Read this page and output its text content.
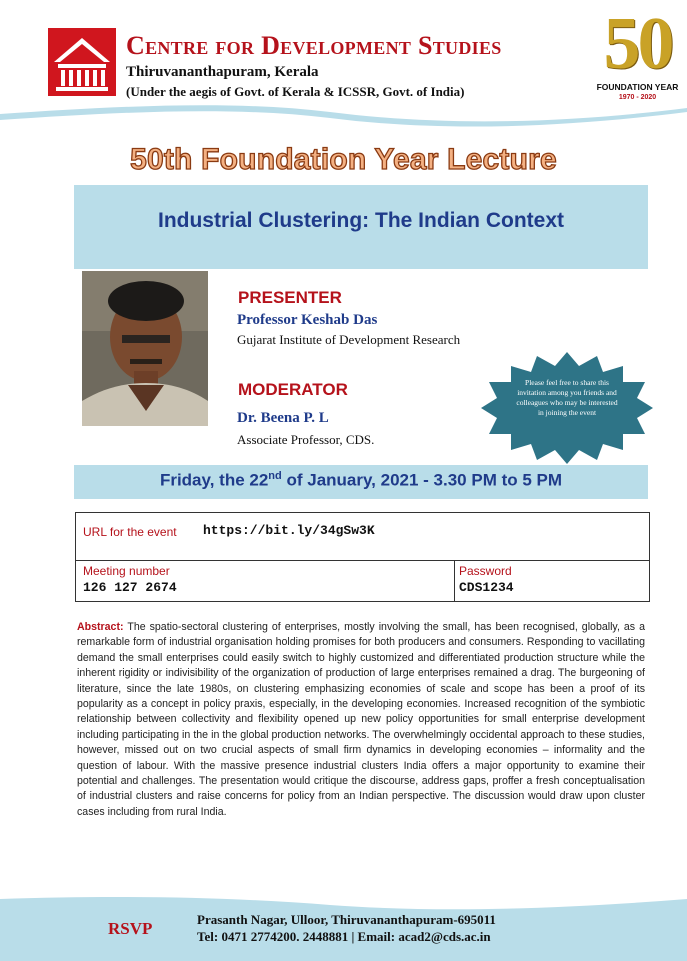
Centre for Development Studies
Thiruvananthapuram, Kerala
(Under the aegis of Govt. of Kerala & ICSSR, Govt. of India)
50
FOUNDATION YEAR
1970 - 2020
50th Foundation Year Lecture
Industrial Clustering: The Indian Context
PRESENTER
Professor Keshab Das
Gujarat Institute of Development Research
MODERATOR
Dr. Beena P. L
Associate Professor, CDS.
Please feel free to share this invitation among you friends and colleagues who may be interested in joining the event
Friday, the 22nd of January, 2021 - 3.30 PM to 5 PM
URL for the event https://bit.ly/34gSw3K
Meeting number
126 127 2674
Password
CDS1234
Abstract: The spatio-sectoral clustering of enterprises, mostly involving the small, has been recognised, globally, as a remarkable form of industrial organisation holding promises for both producers and consumers. Responding to vacillating demand the small enterprises could easily switch to highly customized and differentiated production structure while the inherent rigidity or indivisibility of the organization of production of large enterprises remained a drag. The burgeoning of literature, since the late 1980s, on clustering emphasizing economies of scale and scope has been a proof of its popularity as a concept in policy praxis, especially, in the developing economies. Increased recognition of the symbiotic relationship between collectivity and flexibility opened up new policy opportunities for small enterprise development including participating in the in the global production networks. The overwhelmingly occidental approach to these studies, however, missed out on two crucial aspects of small firm dynamics in developing economies – informality and the question of labour. With the massive presence industrial clusters India offers a major opportunity to examine their potential and challenges. The presentation would critique the discourse, address gaps, proffer a fresh conceptualisation of industrial clusters and raise concerns for policy from an Indian perspective. The discussion would draw upon cluster cases including from rural India.
RSVP	Prasanth Nagar, Ulloor, Thiruvananthapuram-695011
Tel: 0471 2774200. 2448881 | Email: acad2@cds.ac.in
